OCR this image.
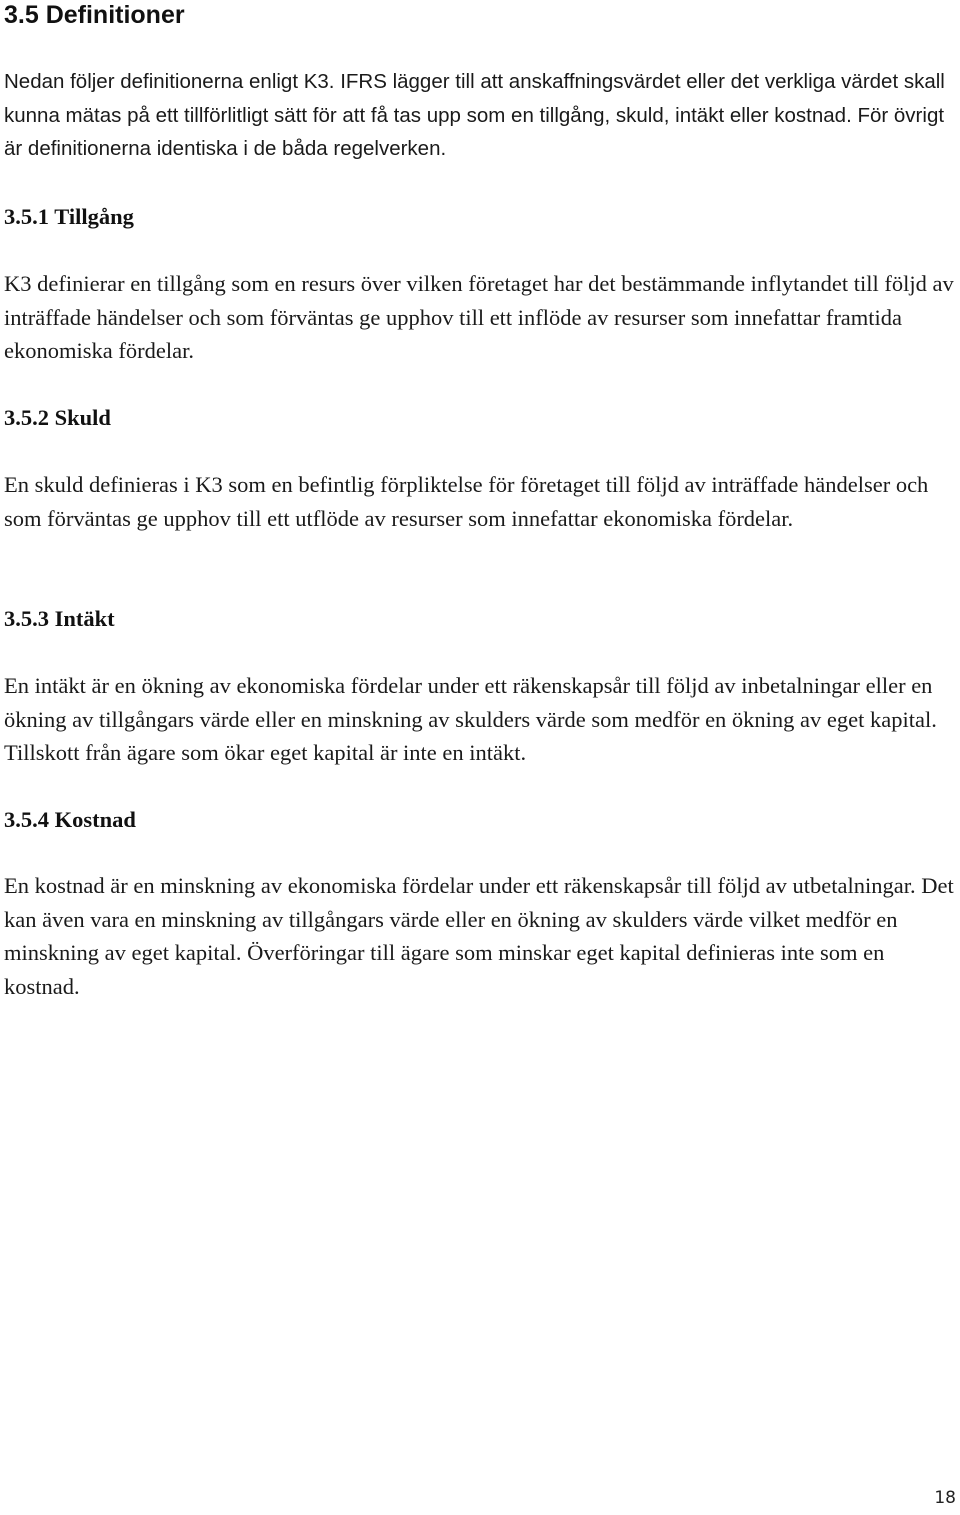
3.5 Definitioner

Nedan följer definitionerna enligt K3. IFRS lägger till att anskaffningsvärdet eller det verkliga värdet skall kunna mätas på ett tillförlitligt sätt för att få tas upp som en tillgång, skuld, intäkt eller kostnad. För övrigt är definitionerna identiska i de båda regelverken.

3.5.1 Tillgång

K3 definierar en tillgång som en resurs över vilken företaget har det bestämmande inflytandet till följd av inträffade händelser och som förväntas ge upphov till ett inflöde av resurser som innefattar framtida ekonomiska fördelar.

3.5.2 Skuld

En skuld definieras i K3 som en befintlig förpliktelse för företaget till följd av inträffade händelser och som förväntas ge upphov till ett utflöde av resurser som innefattar ekonomiska fördelar.

3.5.3 Intäkt

En intäkt är en ökning av ekonomiska fördelar under ett räkenskapsår till följd av inbetalningar eller en ökning av tillgångars värde eller en minskning av skulders värde som medför en ökning av eget kapital. Tillskott från ägare som ökar eget kapital är inte en intäkt.

3.5.4 Kostnad

En kostnad är en minskning av ekonomiska fördelar under ett räkenskapsår till följd av utbetalningar. Det kan även vara en minskning av tillgångars värde eller en ökning av skulders värde vilket medför en minskning av eget kapital. Överföringar till ägare som minskar eget kapital definieras inte som en kostnad.

18
